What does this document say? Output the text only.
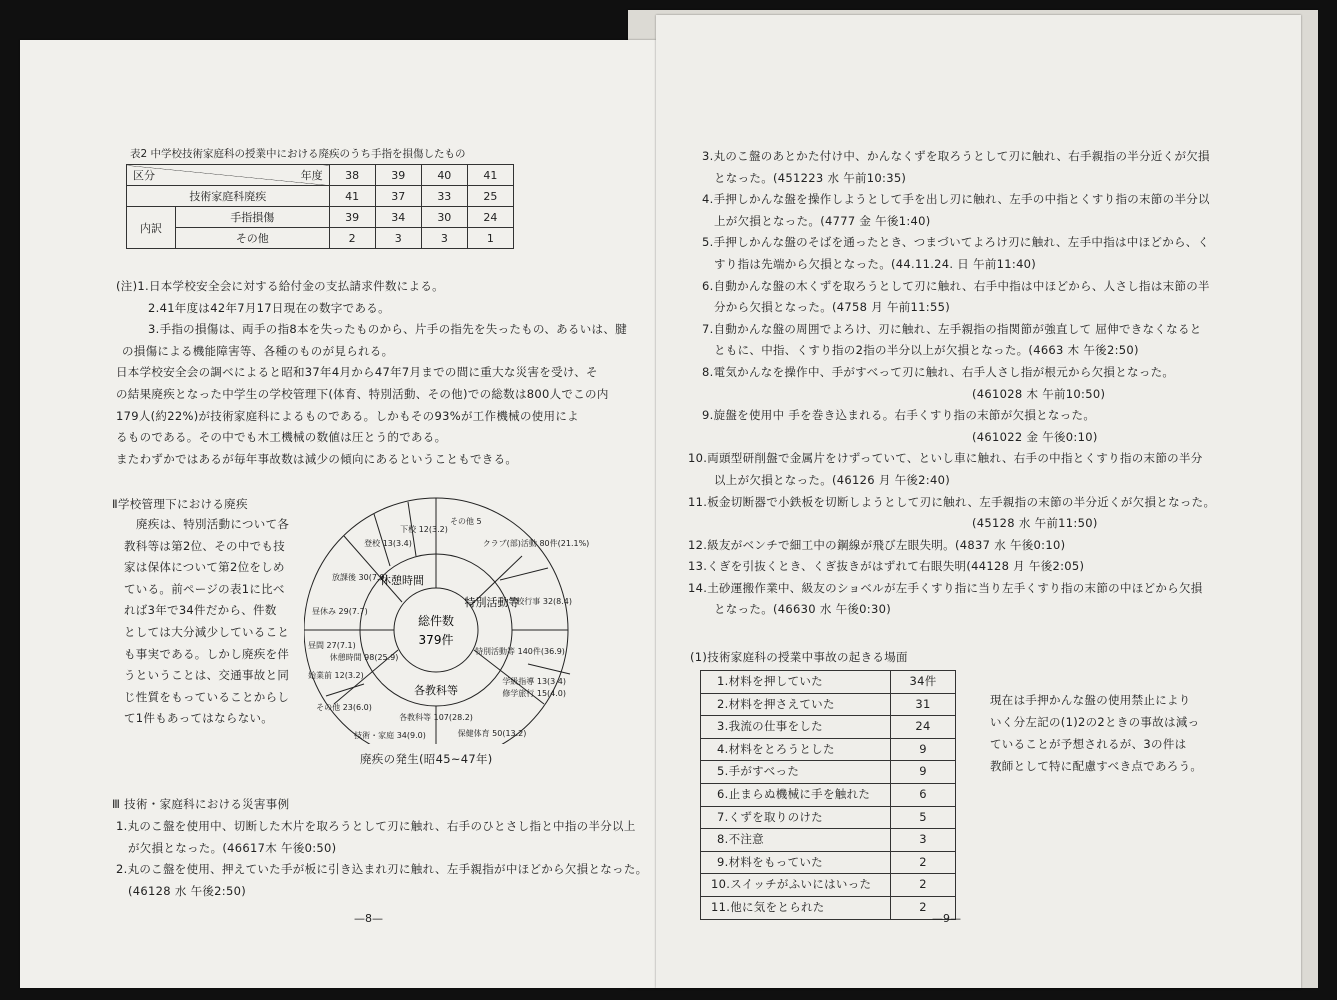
表2 中学校技術家庭科の授業中における廃疾のうち手指を損傷したもの
区分 年度		38	39	40	41
技術家庭科廃疾		41	37	33	25
内訳	手指損傷	39	34	30	24
	その他	2	3	3	1
(注)1.日本学校安全会に対する給付金の支払請求件数による。
2.41年度は42年7月17日現在の数字である。
3.手指の損傷は、両手の指8本を失ったものから、片手の指先を失ったもの、あるいは、腱
の損傷による機能障害等、各種のものが見られる。
日本学校安全会の調べによると昭和37年4月から47年7月までの間に重大な災害を受け、そ
の結果廃疾となった中学生の学校管理下(体育、特別活動、その他)での総数は800人でこの内
179人(約22%)が技術家庭科によるものである。しかもその93%が工作機械の使用によ
るものである。その中でも木工機械の数値は圧とう的である。
またわずかではあるが毎年事故数は減少の傾向にあるということもできる。
Ⅱ学校管理下における廃疾
廃疾は、特別活動について各
教科等は第2位、その中でも技
家は保体について第2位をしめ
ている。前ページの表1に比べ
れば3年で34件だから、件数
としては大分減少していること
も事実である。しかし廃疾を伴
うということは、交通事故と同
じ性質をもっていることからし
て1件もあってはならない。
総件数
379件
休憩時間
特別活動等
各教科等
クラブ(部)活動 80件(21.1%)
学校行事 32(8.4)
特別活動等 140件(36.9)
修学旅行 15(4.0)
学級指導 13(3.4)
保健体育 50(13.2)
各教科等 107(28.2)
技術・家庭 34(9.0)
その他 23(6.0)
始業前 12(3.2)
昼間 27(7.1)
休憩時間 98(25.9)
昼休み 29(7.7)
放課後 30(7.9)
登校 13(3.4)
下校 12(3.2)
その他 5
廃疾の発生(昭45~47年)
Ⅲ 技術・家庭科における災害事例
1.丸のこ盤を使用中、切断した木片を取ろうとして刃に触れ、右手のひとさし指と中指の半分以上
が欠損となった。(46617木 午後0:50)
2.丸のこ盤を使用、押えていた手が板に引き込まれ刃に触れ、左手親指が中ほどから欠損となった。
(46128 水 午後2:50)
—8—
3.丸のこ盤のあとかた付け中、かんなくずを取ろうとして刃に触れ、右手親指の半分近くが欠損
となった。(451223 水 午前10:35)
4.手押しかんな盤を操作しようとして手を出し刃に触れ、左手の中指とくすり指の末節の半分以
上が欠損となった。(4777 金 午後1:40)
5.手押しかんな盤のそばを通ったとき、つまづいてよろけ刃に触れ、左手中指は中ほどから、く
すり指は先端から欠損となった。(44.11.24. 日 午前11:40)
6.自動かんな盤の木くずを取ろうとして刃に触れ、右手中指は中ほどから、人さし指は末節の半
分から欠損となった。(4758 月 午前11:55)
7.自動かんな盤の周囲でよろけ、刃に触れ、左手親指の指関節が強直して 屈伸できなくなると
ともに、中指、くすり指の2指の半分以上が欠損となった。(4663 木 午後2:50)
8.電気かんなを操作中、手がすべって刃に触れ、右手人さし指が根元から欠損となった。
(461028 木 午前10:50)
9.旋盤を使用中 手を巻き込まれる。右手くすり指の末節が欠損となった。
(461022 金 午後0:10)
10.両頭型研削盤で金属片をけずっていて、といし車に触れ、右手の中指とくすり指の末節の半分
以上が欠損となった。(46126 月 午後2:40)
11.板金切断器で小鉄板を切断しようとして刃に触れ、左手親指の末節の半分近くが欠損となった。
(45128 水 午前11:50)
12.級友がベンチで細工中の鋼線が飛び左眼失明。(4837 水 午後0:10)
13.くぎを引抜くとき、くぎ抜きがはずれて右眼失明(44128 月 午後2:05)
14.土砂運搬作業中、級友のショベルが左手くすり指に当り左手くすり指の末節の中ほどから欠損
となった。(46630 水 午後0:30)
(1)技術家庭科の授業中事故の起きる場面
1.材料を押していた	34件
2.材料を押さえていた	31
3.我流の仕事をした	24
4.材料をとろうとした	9
5.手がすべった	9
6.止まらぬ機械に手を触れた	6
7.くずを取りのけた	5
8.不注意	3
9.材料をもっていた	2
10.スイッチがふいにはいった	2
11.他に気をとられた	2
現在は手押かんな盤の使用禁止により
いく分左記の(1)2の2ときの事故は減っ
ていることが予想されるが、3の件は
教師として特に配慮すべき点であろう。
—9—
